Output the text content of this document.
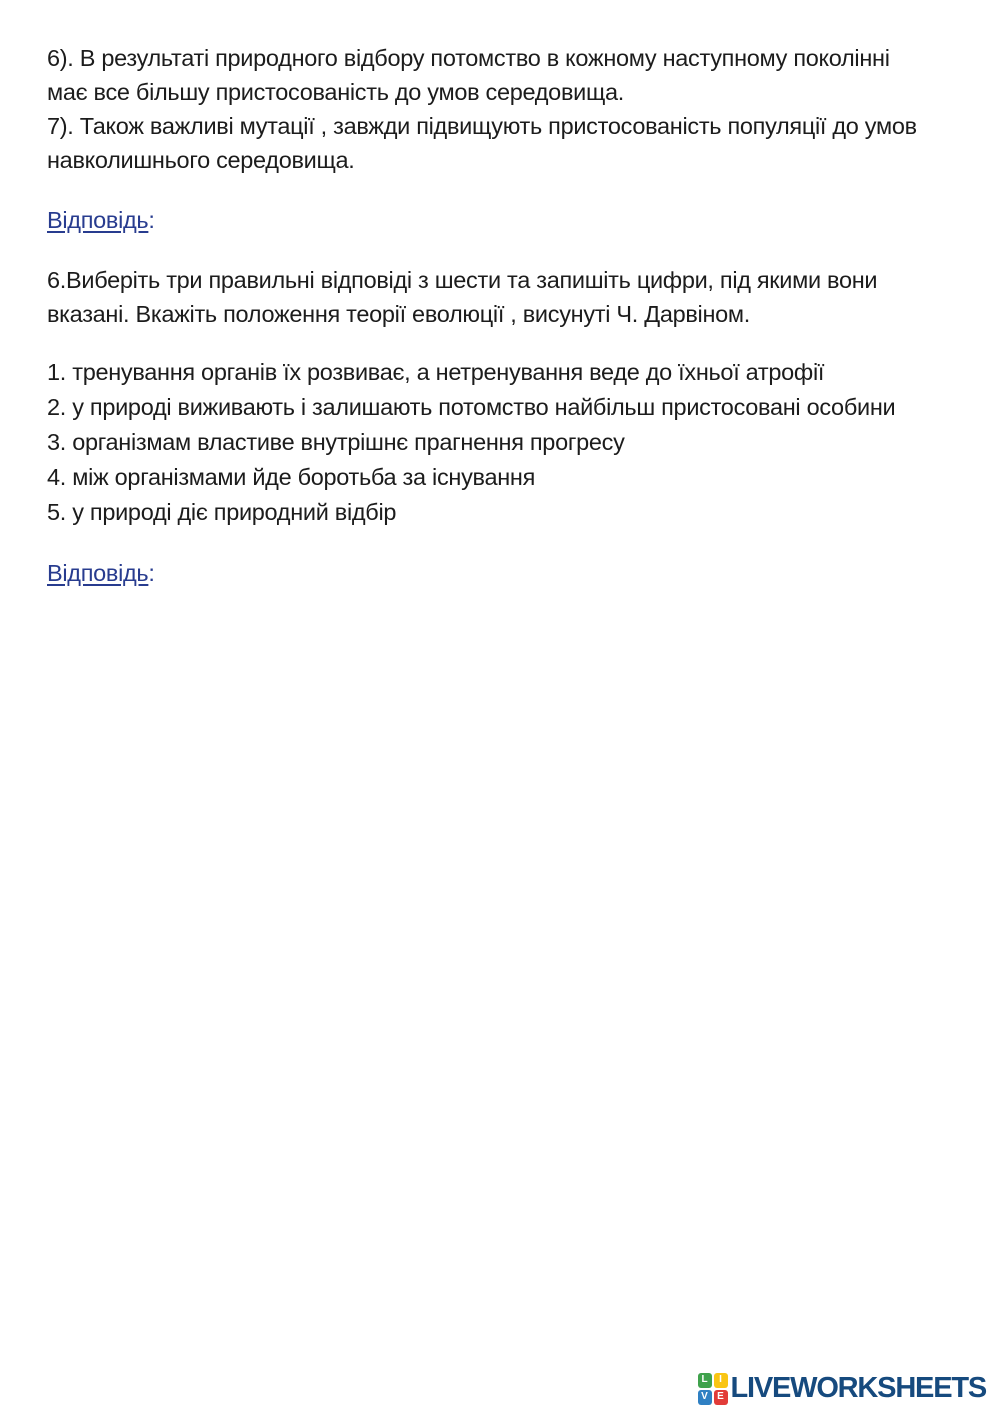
6). В результаті природного відбору потомство в кожному наступному поколінні
має все більшу пристосованість до умов середовища.
7). Також важливі мутації , завжди підвищують пристосованість популяції до умов
навколишнього середовища.
Відповідь:
6.Виберіть три правильні відповіді з шести та запишіть цифри, під якими вони
вказані. Вкажіть положення теорії еволюції , висунуті Ч. Дарвіном.
1. тренування органів їх розвиває, а нетренування веде до їхньої атрофії
2. у природі виживають і залишають потомство найбільш пристосовані особини
3. організмам властиве внутрішнє прагнення прогресу
4. між організмами йде боротьба за існування
5. у природі діє природний відбір
Відповідь:
L	I
V E LIVEWORKSHEETS
